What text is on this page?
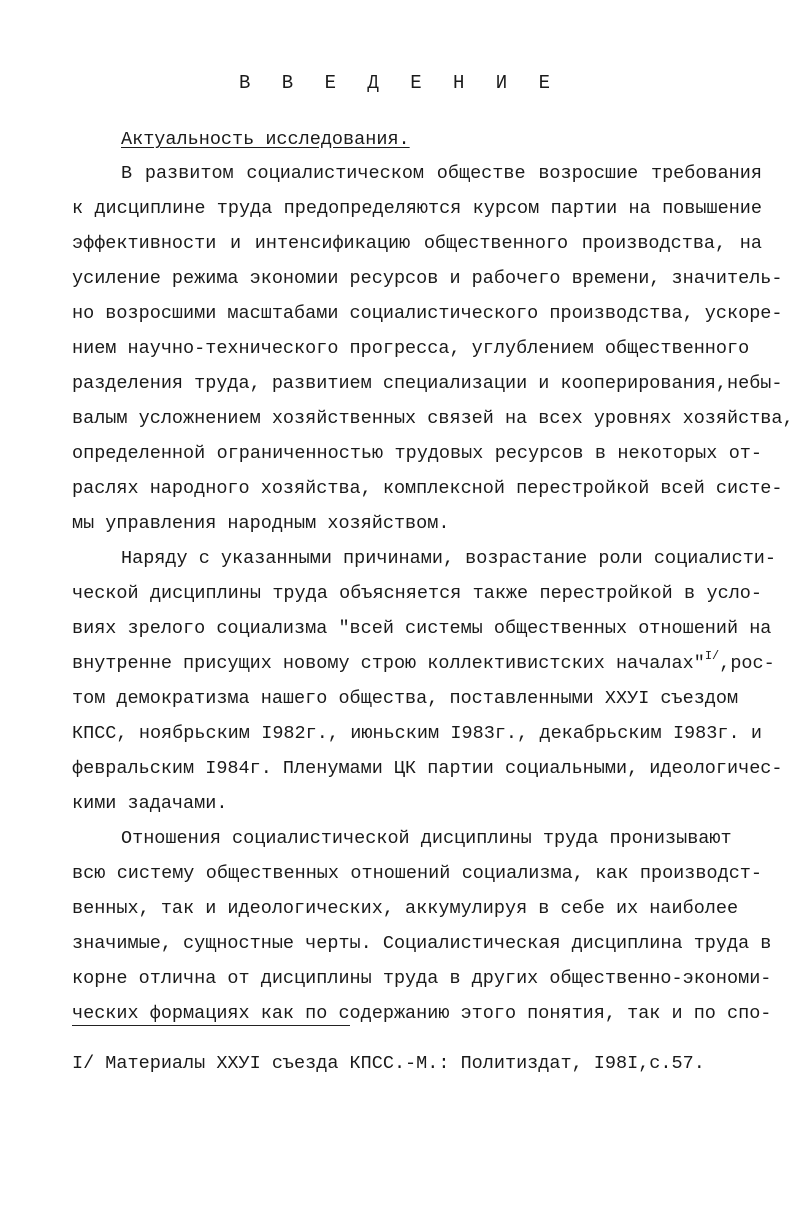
В В Е Д Е Н И Е
Актуальность исследования.
В развитом социалистическом обществе возросшие требования
к дисциплине труда предопределяются курсом партии на повышение
эффективности и интенсификацию общественного производства, на
усиление режима экономии ресурсов и рабочего времени, значитель-
но возросшими масштабами социалистического производства, ускоре-
нием научно-технического прогресса, углублением общественного
разделения труда, развитием специализации и кооперирования,небы-
валым усложнением хозяйственных связей на всех уровнях хозяйства,
определенной ограниченностью трудовых ресурсов в некоторых от-
раслях народного хозяйства, комплексной перестройкой всей систе-
мы управления народным хозяйством.
Наряду с указанными причинами, возрастание роли социалисти-
ческой дисциплины труда объясняется также перестройкой в усло-
виях зрелого социализма "всей системы общественных отношений на
внутренне присущих новому строю коллективистских началах"$^{I/}$,рос-
том демократизма нашего общества, поставленными ХХУI съездом
КПСС, ноябрьским I982г., июньским I983г., декабрьским I983г. и
февральским I984г. Пленумами ЦК партии социальными, идеологичес-
кими задачами.
Отношения социалистической дисциплины труда пронизывают
всю систему общественных отношений социализма, как производст-
венных, так и идеологических, аккумулируя в себе их наиболее
значимые, сущностные черты. Социалистическая дисциплина труда в
корне отлична от дисциплины труда в других общественно-экономи-
ческих формациях как по содержанию этого понятия, так и по спо-
I/ Материалы ХХУI съезда КПСС.-М.: Политиздат, I98I,с.57.
